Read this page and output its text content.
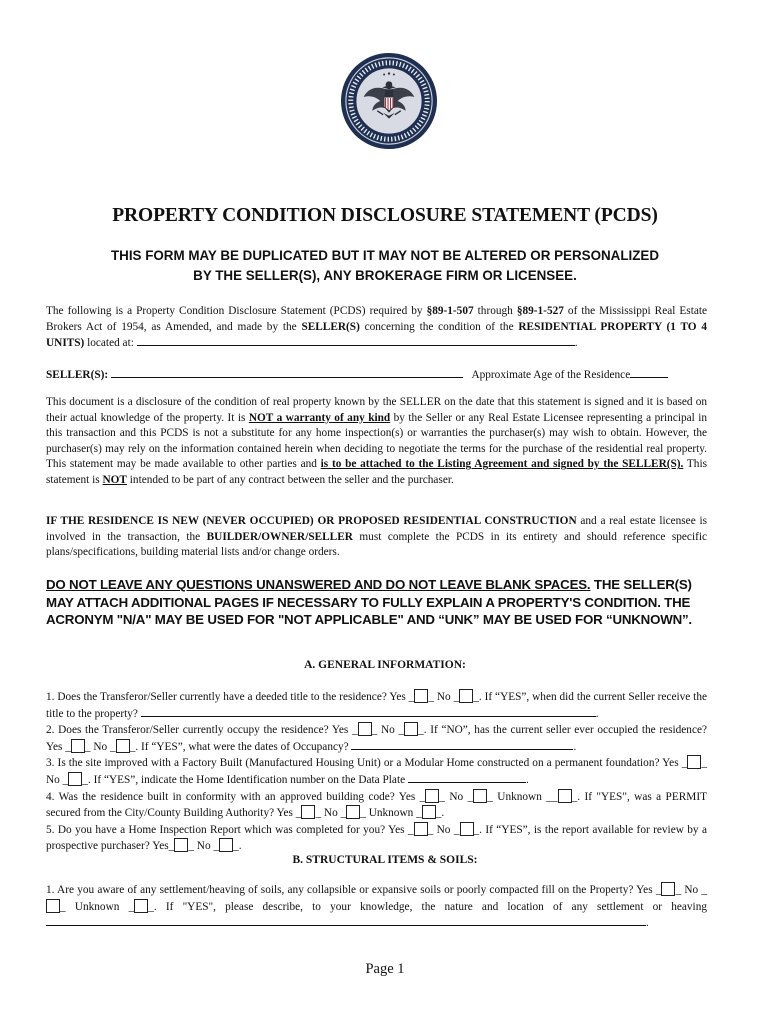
PROPERTY CONDITION DISCLOSURE STATEMENT (PCDS)
THIS FORM MAY BE DUPLICATED BUT IT MAY NOT BE ALTERED OR PERSONALIZED
BY THE SELLER(S), ANY BROKERAGE FIRM OR LICENSEE.

The following is a Property Condition Disclosure Statement (PCDS) required by §89-1-507 through §89-1-527 of the Mississippi Real Estate Brokers Act of 1954, as Amended, and made by the SELLER(S) concerning the condition of the RESIDENTIAL PROPERTY (1 TO 4 UNITS) located at:	.

SELLER(S):	Approximate Age of the Residence

This document is a disclosure of the condition of real property known by the SELLER on the date that this statement is signed and it is based on their actual knowledge of the property. It is NOT a warranty of any kind by the Seller or any Real Estate Licensee representing a principal in this transaction and this PCDS is not a substitute for any home inspection(s) or warranties the purchaser(s) may wish to obtain. However, the purchaser(s) may rely on the information contained herein when deciding to negotiate the terms for the purchase of the residential real property. This statement may be made available to other parties and is to be attached to the Listing Agreement and signed by the SELLER(S). This statement is NOT intended to be part of any contract between the seller and the purchaser.

IF THE RESIDENCE IS NEW (NEVER OCCUPIED) OR PROPOSED RESIDENTIAL CONSTRUCTION and a real estate licensee is involved in the transaction, the BUILDER/OWNER/SELLER must complete the PCDS in its entirety and should reference specific plans/specifications, building material lists and/or change orders.

DO NOT LEAVE ANY QUESTIONS UNANSWERED AND DO NOT LEAVE BLANK SPACES. THE SELLER(S) MAY ATTACH ADDITIONAL PAGES IF NECESSARY TO FULLY EXPLAIN A PROPERTY'S CONDITION. THE ACRONYM "N/A" MAY BE USED FOR "NOT APPLICABLE" AND “UNK” MAY BE USED FOR “UNKNOWN”.

A. GENERAL INFORMATION:

1. Does the Transferor/Seller currently have a deeded title to the residence? Yes _ _ No _ _. If “YES”, when did the current Seller receive the title to the property?	.
2. Does the Transferor/Seller currently occupy the residence? Yes _ _ No _ _. If “NO”, has the current seller ever occupied the residence? Yes _ _ No _ _. If “YES”, what were the dates of Occupancy?	.
3. Is the site improved with a Factory Built (Manufactured Housing Unit) or a Modular Home constructed on a permanent foundation? Yes _ _ No _ _. If “YES”, indicate the Home Identification number on the Data Plate	.
4. Was the residence built in conformity with an approved building code? Yes _ _ No _ _ Unknown __ _. If "YES", was a PERMIT secured from the City/County Building Authority? Yes _ _ No _ _ Unknown _ _.
5. Do you have a Home Inspection Report which was completed for you? Yes _ _ No _ _. If “YES”, is the report available for review by a prospective purchaser? Yes_ _ No _ _.

B. STRUCTURAL ITEMS & SOILS:

1. Are you aware of any settlement/heaving of soils, any collapsible or expansive soils or poorly compacted fill on the Property? Yes _ _ No __ Unknown _ _. If "YES", please describe, to your knowledge, the nature and location of any settlement or heaving .

Page 1
